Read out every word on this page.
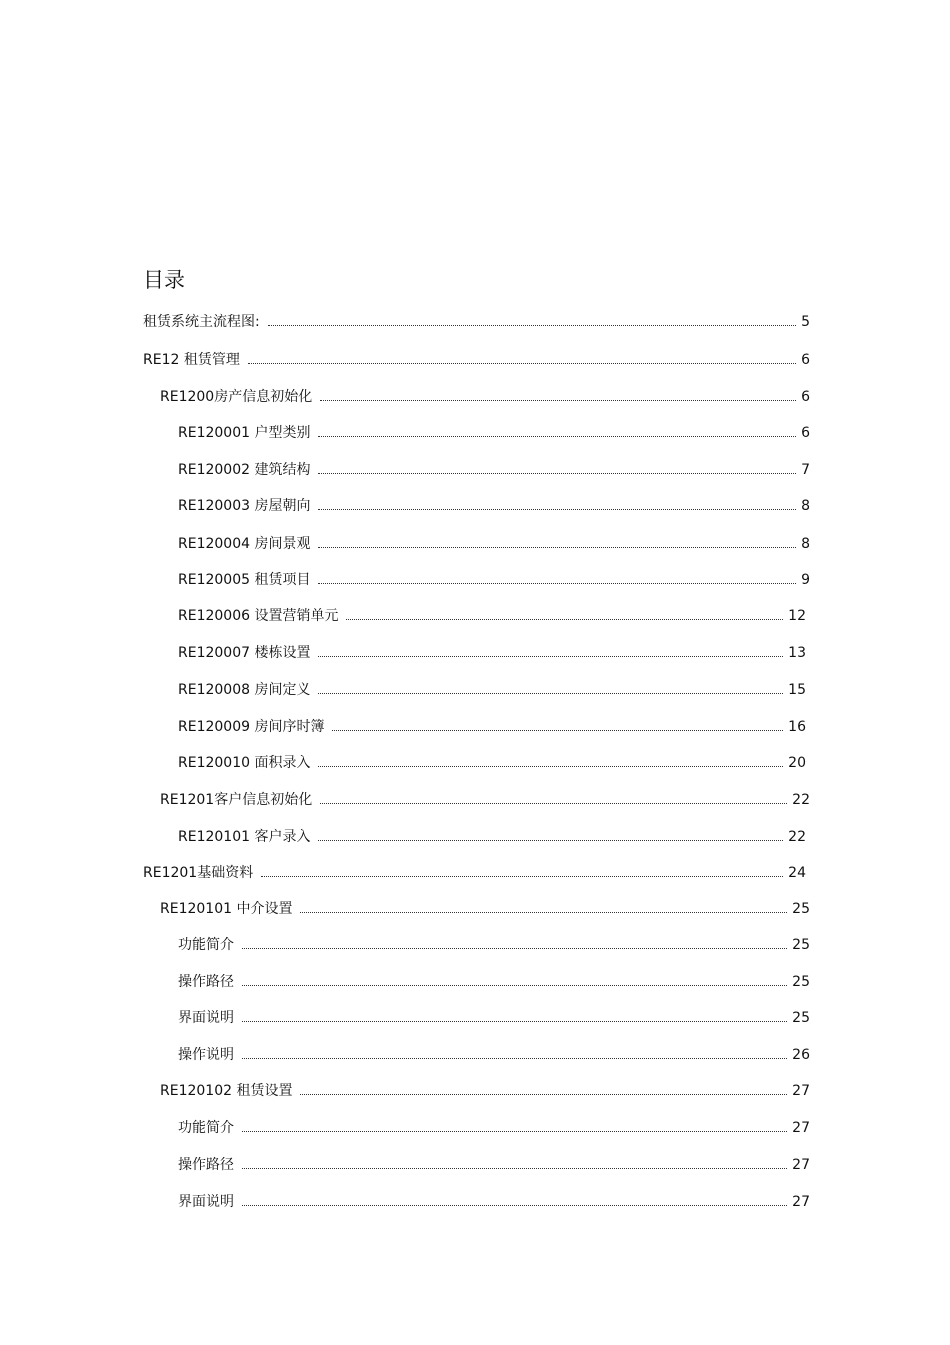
目录
租赁系统主流程图:	5
RE12 租赁管理	6
RE1200房产信息初始化	6
RE120001 户型类别	6
RE120002 建筑结构	7
RE120003 房屋朝向	8
RE120004 房间景观	8
RE120005 租赁项目	9
RE120006 设置营销单元	12
RE120007 楼栋设置	13
RE120008 房间定义	15
RE120009 房间序时簿	16
RE120010 面积录入	20
RE1201客户信息初始化	22
RE120101 客户录入	22
RE1201基础资料	24
RE120101 中介设置	25
功能简介	25
操作路径	25
界面说明	25
操作说明	26
RE120102 租赁设置	27
功能简介	27
操作路径	27
界面说明	27
